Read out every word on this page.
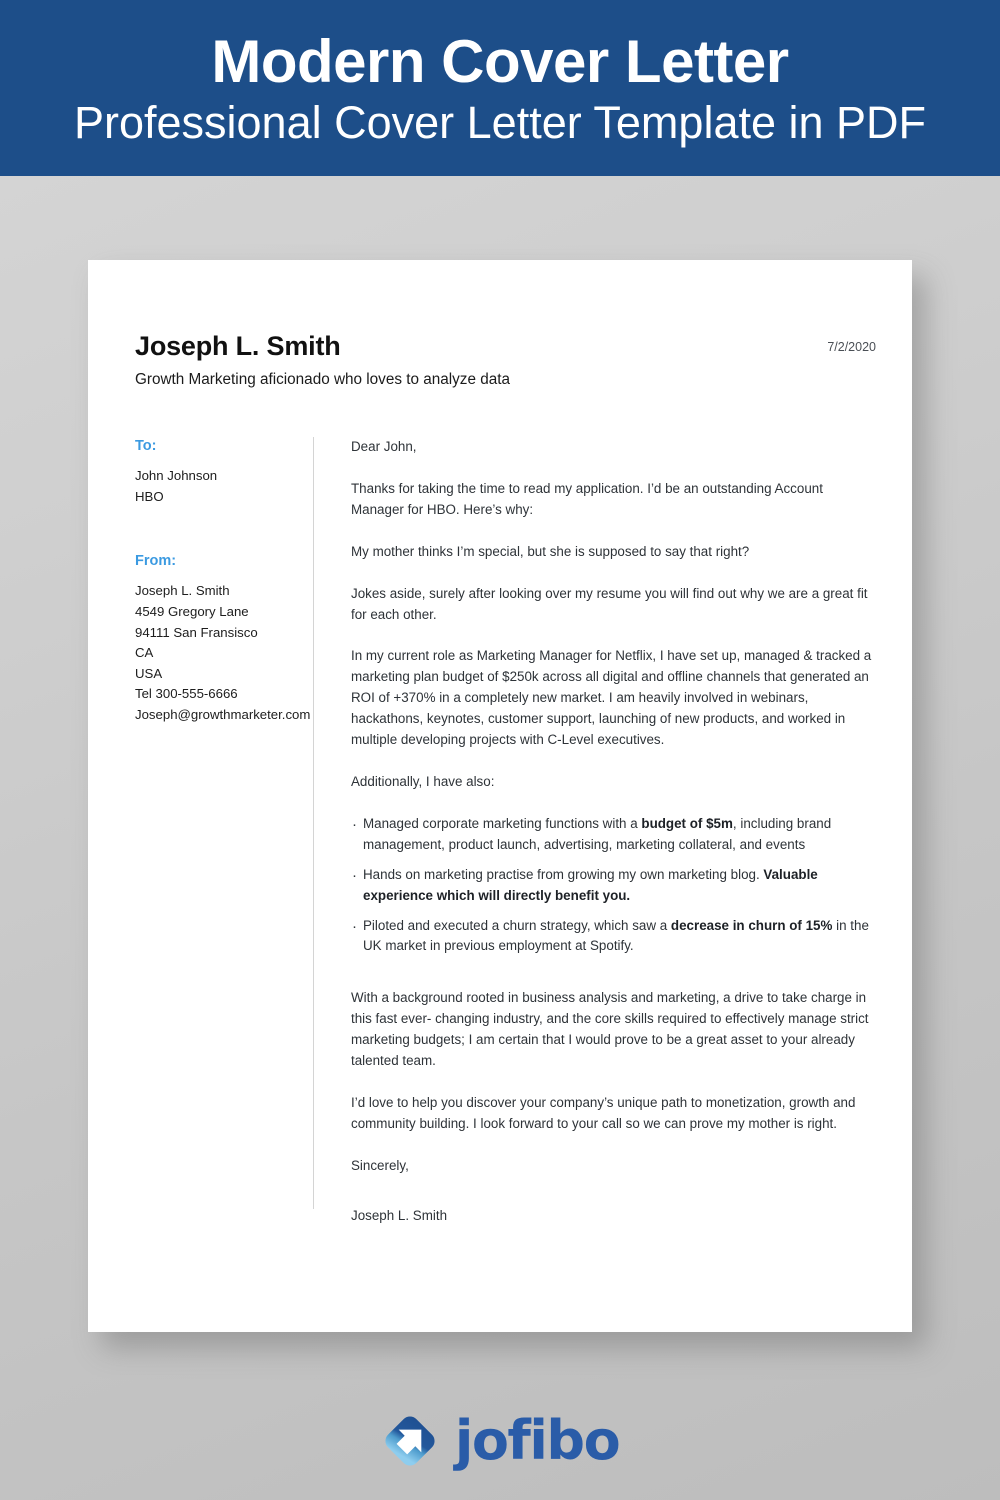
Modern Cover Letter
Professional Cover Letter Template in PDF
Joseph L. Smith	7/2/2020
Growth Marketing aficionado who loves to analyze data
To:
John Johnson
HBO
From:
Joseph L. Smith
4549 Gregory Lane
94111 San Fransisco
CA
USA
Tel 300-555-6666
Joseph@growthmarketer.com

Dear John,

Thanks for taking the time to read my application. I’d be an outstanding Account Manager for HBO. Here’s why:

My mother thinks I’m special, but she is supposed to say that right?

Jokes aside, surely after looking over my resume you will find out why we are a great fit for each other.

In my current role as Marketing Manager for Netflix, I have set up, managed & tracked a marketing plan budget of $250k across all digital and offline channels that generated an ROI of +370% in a completely new market. I am heavily involved in webinars, hackathons, keynotes, customer support, launching of new products, and worked in multiple developing projects with C-Level executives.

Additionally, I have also:

· Managed corporate marketing functions with a budget of $5m, including brand management, product launch, advertising, marketing collateral, and events
· Hands on marketing practise from growing my own marketing blog. Valuable experience which will directly benefit you.
· Piloted and executed a churn strategy, which saw a decrease in churn of 15% in the UK market in previous employment at Spotify.

With a background rooted in business analysis and marketing, a drive to take charge in this fast ever- changing industry, and the core skills required to effectively manage strict marketing budgets; I am certain that I would prove to be a great asset to your already talented team.

I’d love to help you discover your company’s unique path to monetization, growth and community building. I look forward to your call so we can prove my mother is right.

Sincerely,

Joseph L. Smith

jofibo
